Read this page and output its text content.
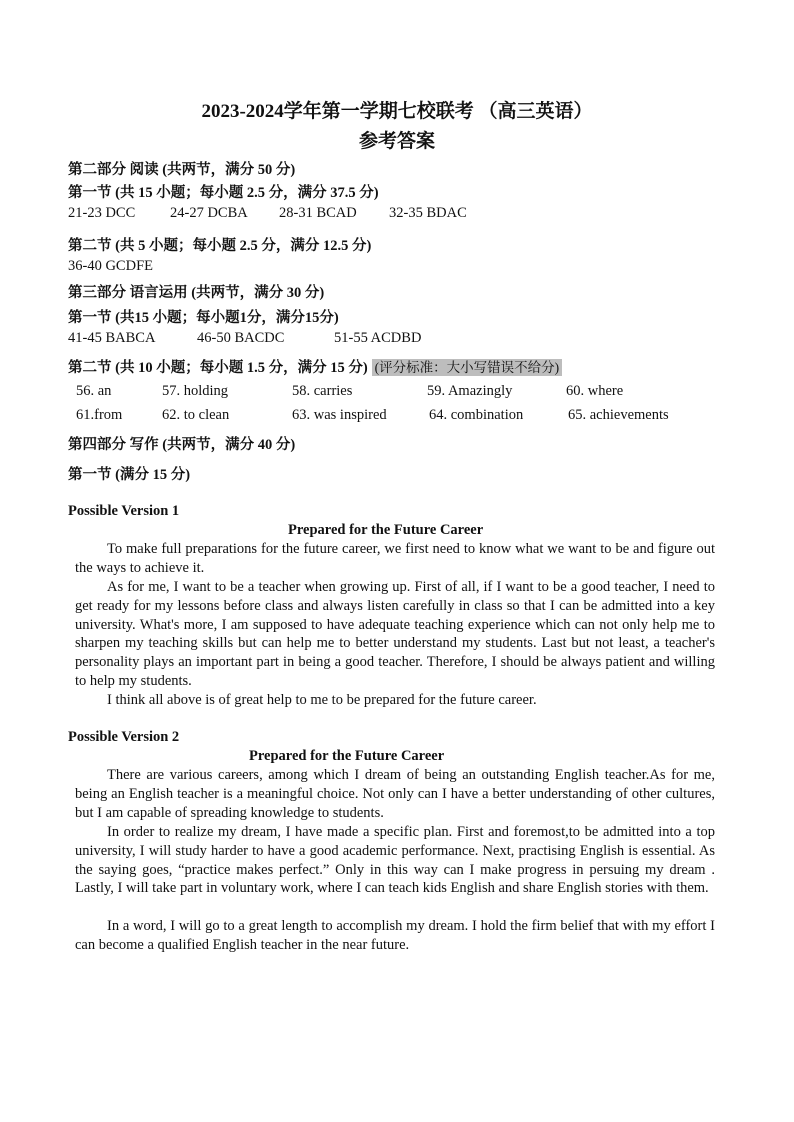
2023-2024学年第一学期七校联考 （高三英语）
参考答案
第二部分 阅读 (共两节，满分 50 分)
第一节 (共 15 小题；每小题 2.5 分，满分 37.5 分)
21-23 DCC 24-27 DCBA 28-31 BCAD 32-35 BDAC
第二节 (共 5 小题；每小题 2.5 分，满分 12.5 分)
36-40 GCDFE
第三部分 语言运用 (共两节，满分 30 分)
第一节 (共15 小题；每小题1分，满分15分)
41-45 BABCA	46-50 BACDC	51-55 ACDBD
第二节 (共 10 小题；每小题 1.5 分，满分 15 分) (评分标准：大小写错误不给分)
56. an	57. holding	58. carries	59. Amazingly	60. where
61.from	62. to clean	63. was inspired	64. combination	65. achievements
第四部分 写作 (共两节，满分 40 分)
第一节 (满分 15 分)
Possible Version 1
Prepared for the Future Career
To make full preparations for the future career, we first need to know what we want to be and figure out the ways to achieve it.
As for me, I want to be a teacher when growing up. First of all, if I want to be a good teacher, I need to get ready for my lessons before class and always listen carefully in class so that I can be admitted into a key university. What's more, I am supposed to have adequate teaching experience which can not only help me to sharpen my teaching skills but can help me to better understand my students. Last but not least, a teacher's personality plays an important part in being a good teacher. Therefore, I should be always patient and willing to help my students.
I think all above is of great help to me to be prepared for the future career.
Possible Version 2
Prepared for the Future Career
There are various careers, among which I dream of being an outstanding English teacher.As for me, being an English teacher is a meaningful choice. Not only can I have a better understanding of other cultures, but I am capable of spreading knowledge to students.
In order to realize my dream, I have made a specific plan. First and foremost,to be admitted into a top university, I will study harder to have a good academic performance. Next, practising English is essential. As the saying goes, “practice makes perfect.” Only in this way can I make progress in persuing my dream . Lastly, I will take part in voluntary work, where I can teach kids English and share English stories with them.
In a word, I will go to a great length to accomplish my dream. I hold the firm belief that with my effort I can become a qualified English teacher in the near future.
